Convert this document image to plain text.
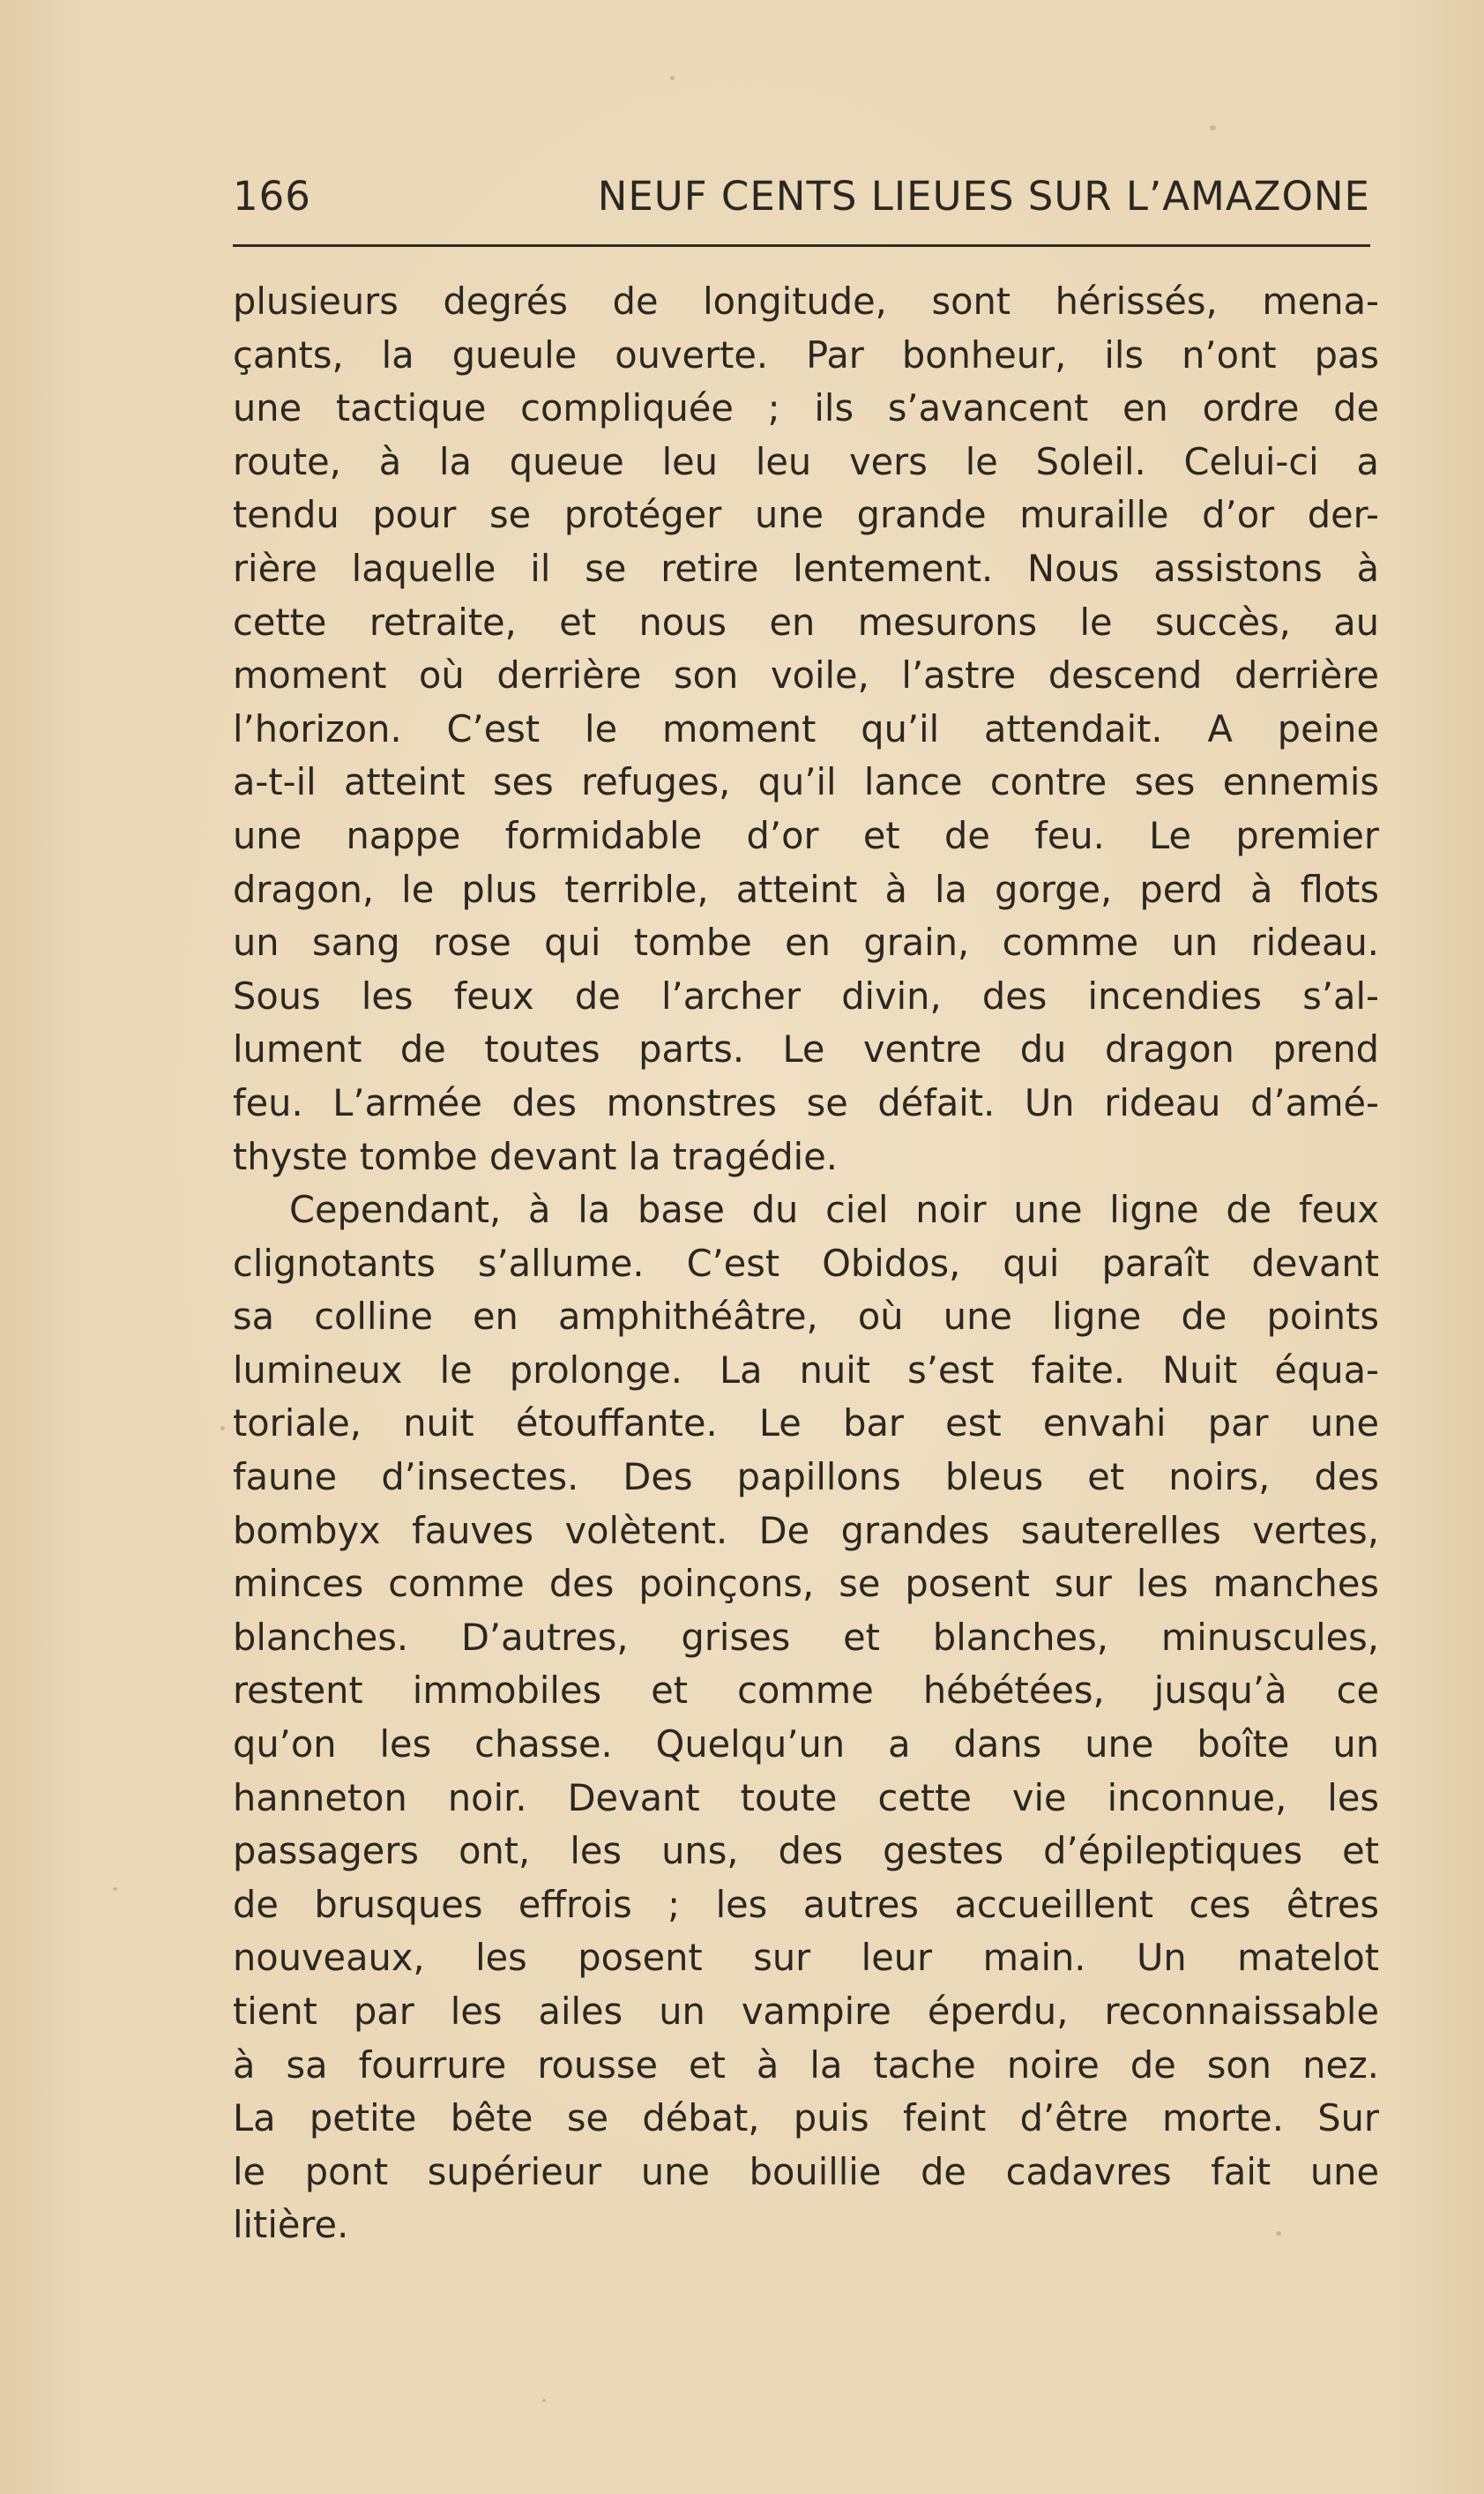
166	NEUF CENTS LIEUES SUR L’AMAZONE
plusieurs degrés de longitude, sont hérissés, mena-
çants, la gueule ouverte. Par bonheur, ils n’ont pas
une tactique compliquée ; ils s’avancent en ordre de
route, à la queue leu leu vers le Soleil. Celui-ci a
tendu pour se protéger une grande muraille d’or der-
rière laquelle il se retire lentement. Nous assistons à
cette retraite, et nous en mesurons le succès, au
moment où derrière son voile, l’astre descend derrière
l’horizon. C’est le moment qu’il attendait. A peine
a-t-il atteint ses refuges, qu’il lance contre ses ennemis
une nappe formidable d’or et de feu. Le premier
dragon, le plus terrible, atteint à la gorge, perd à flots
un sang rose qui tombe en grain, comme un rideau.
Sous les feux de l’archer divin, des incendies s’al-
lument de toutes parts. Le ventre du dragon prend
feu. L’armée des monstres se défait. Un rideau d’amé-
thyste tombe devant la tragédie.
Cependant, à la base du ciel noir une ligne de feux
clignotants s’allume. C’est Obidos, qui paraît devant
sa colline en amphithéâtre, où une ligne de points
lumineux le prolonge. La nuit s’est faite. Nuit équa-
toriale, nuit étouffante. Le bar est envahi par une
faune d’insectes. Des papillons bleus et noirs, des
bombyx fauves volètent. De grandes sauterelles vertes,
minces comme des poinçons, se posent sur les manches
blanches. D’autres, grises et blanches, minuscules,
restent immobiles et comme hébétées, jusqu’à ce
qu’on les chasse. Quelqu’un a dans une boîte un
hanneton noir. Devant toute cette vie inconnue, les
passagers ont, les uns, des gestes d’épileptiques et
de brusques effrois ; les autres accueillent ces êtres
nouveaux, les posent sur leur main. Un matelot
tient par les ailes un vampire éperdu, reconnaissable
à sa fourrure rousse et à la tache noire de son nez.
La petite bête se débat, puis feint d’être morte. Sur
le pont supérieur une bouillie de cadavres fait une
litière.
